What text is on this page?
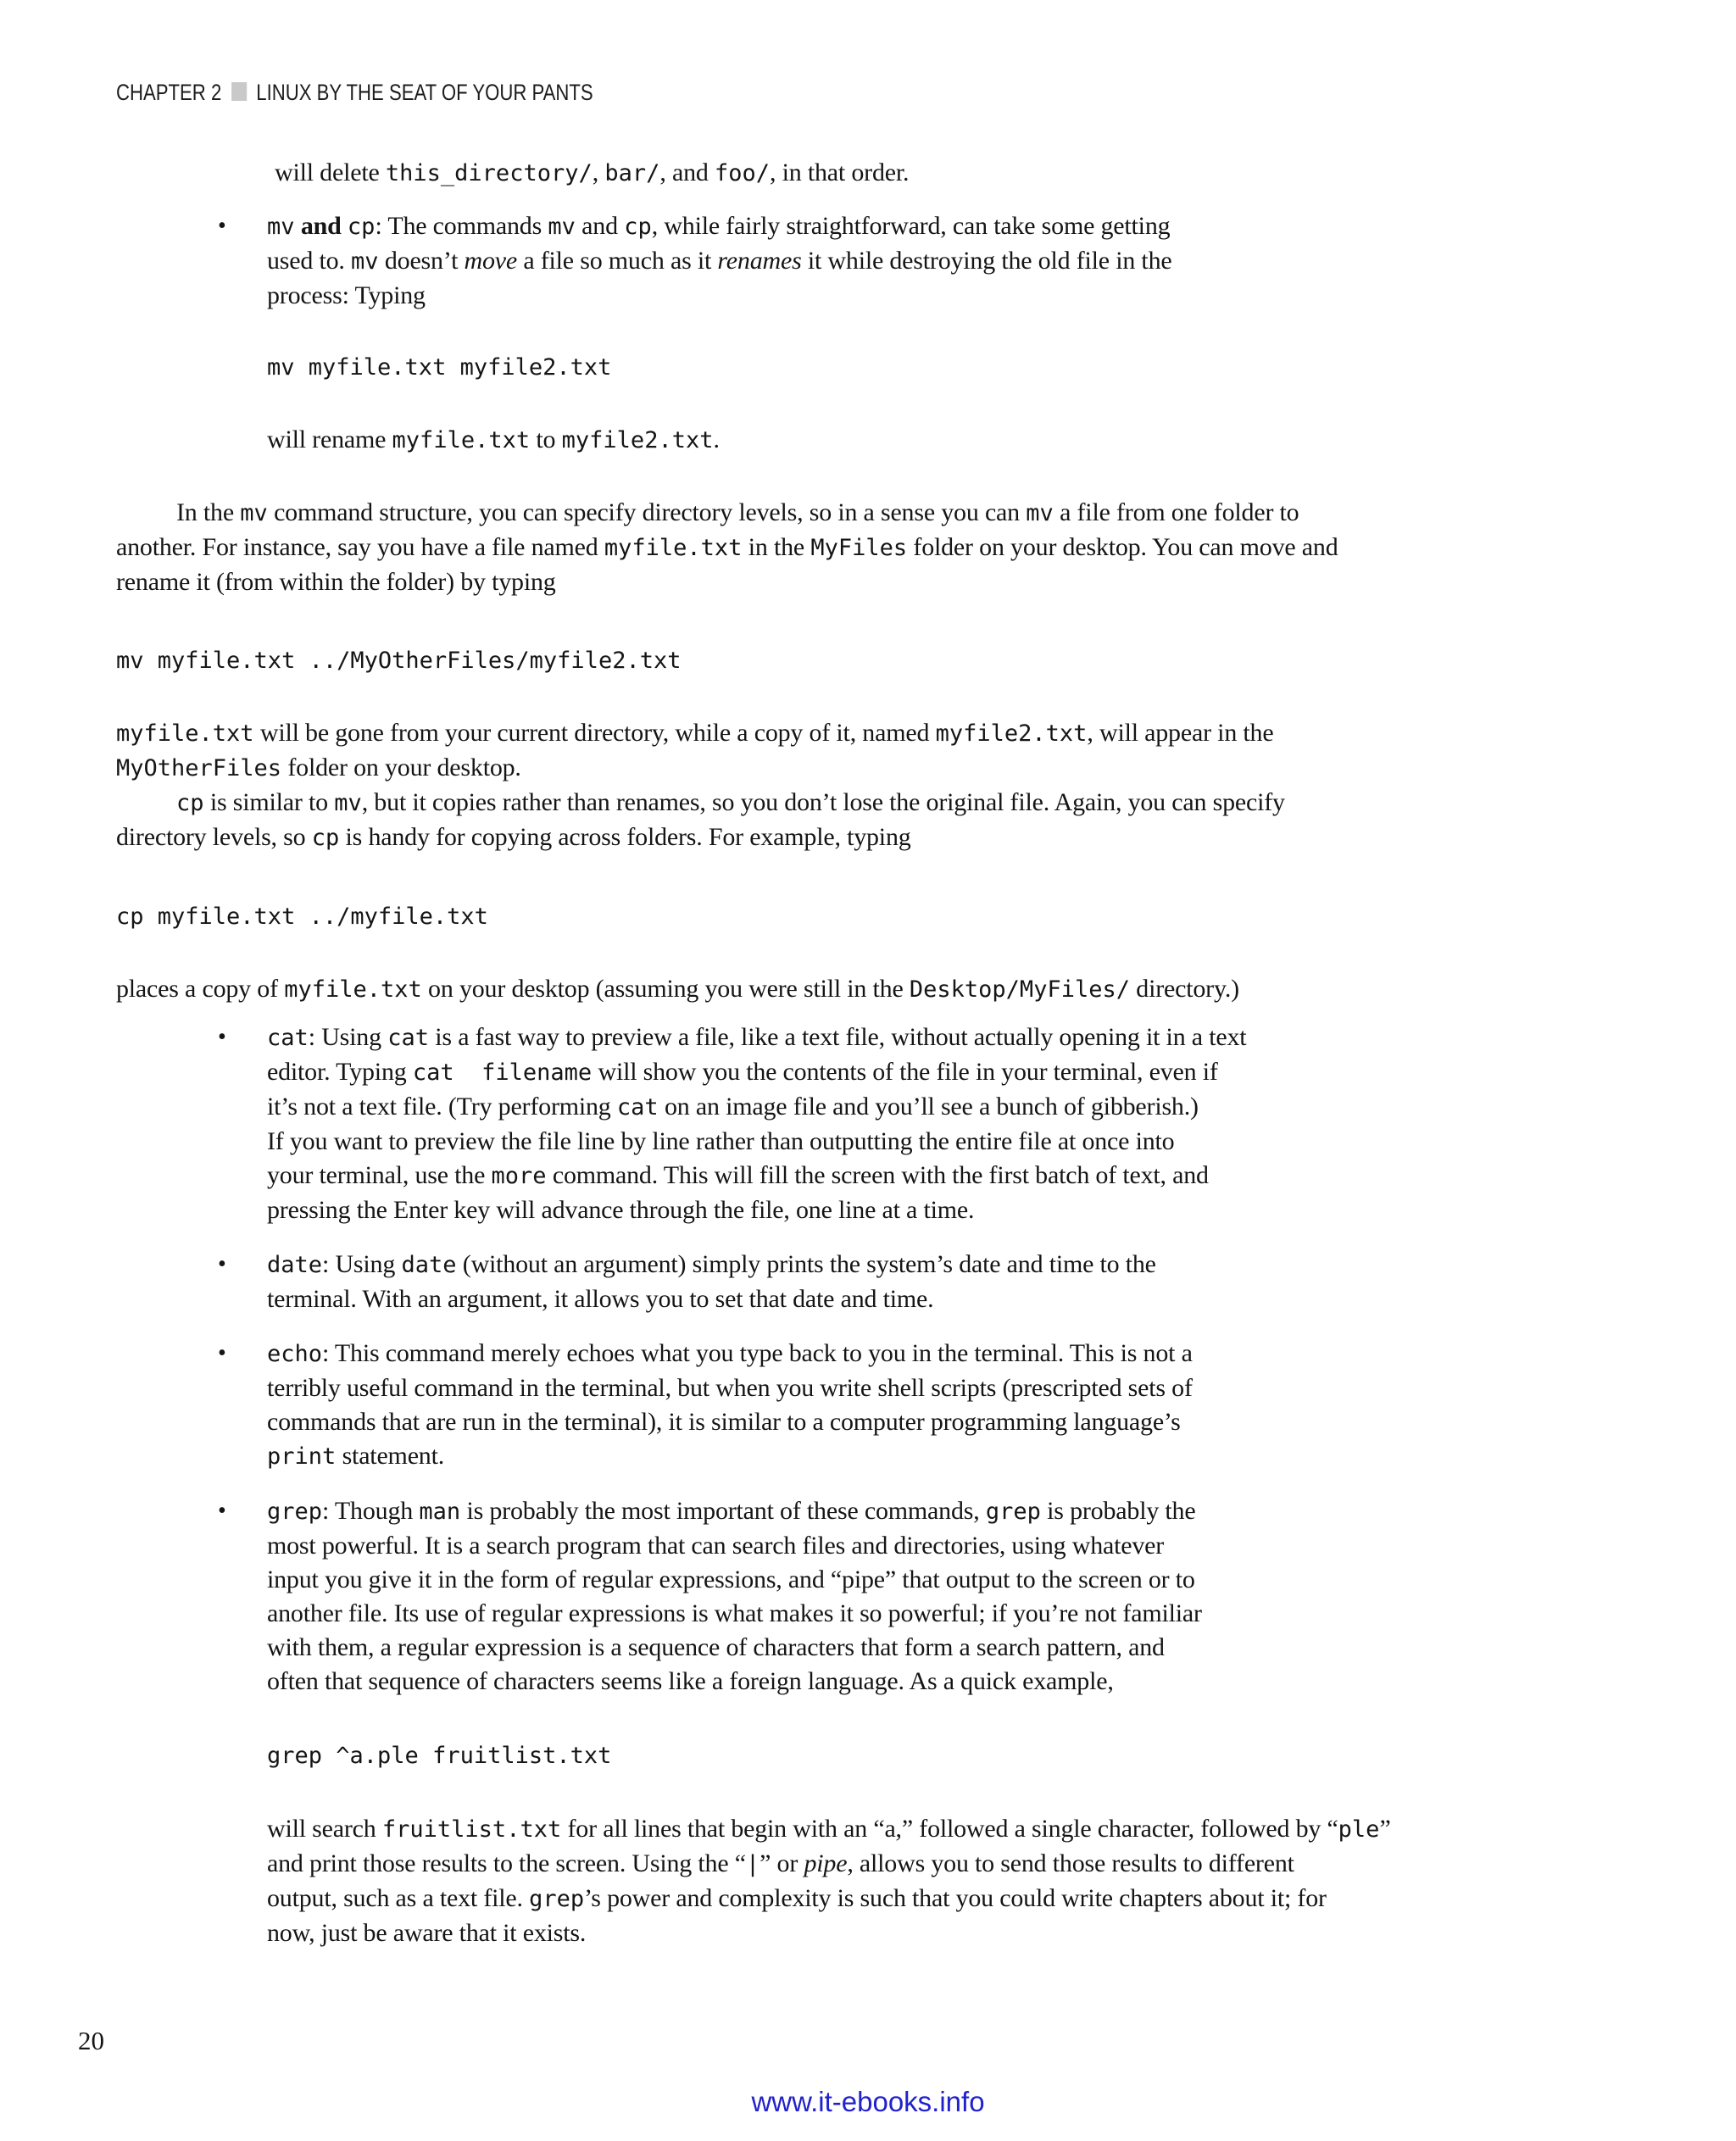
CHAPTER 2 LINUX BY THE SEAT OF YOUR PANTS
will delete this_directory/, bar/, and foo/, in that order.
• mv and cp: The commands mv and cp, while fairly straightforward, can take some getting
used to. mv doesn’t move a file so much as it renames it while destroying the old file in the
process: Typing
mv myfile.txt myfile2.txt
will rename myfile.txt to myfile2.txt.
In the mv command structure, you can specify directory levels, so in a sense you can mv a file from one folder to
another. For instance, say you have a file named myfile.txt in the MyFiles folder on your desktop. You can move and
rename it (from within the folder) by typing
mv myfile.txt ../MyOtherFiles/myfile2.txt
myfile.txt will be gone from your current directory, while a copy of it, named myfile2.txt, will appear in the
MyOtherFiles folder on your desktop.
cp is similar to mv, but it copies rather than renames, so you don’t lose the original file. Again, you can specify
directory levels, so cp is handy for copying across folders. For example, typing
cp myfile.txt ../myfile.txt
places a copy of myfile.txt on your desktop (assuming you were still in the Desktop/MyFiles/ directory.)
• cat: Using cat is a fast way to preview a file, like a text file, without actually opening it in a text
editor. Typing cat  filename will show you the contents of the file in your terminal, even if
it’s not a text file. (Try performing cat on an image file and you’ll see a bunch of gibberish.)
If you want to preview the file line by line rather than outputting the entire file at once into
your terminal, use the more command. This will fill the screen with the first batch of text, and
pressing the Enter key will advance through the file, one line at a time.
• date: Using date (without an argument) simply prints the system’s date and time to the
terminal. With an argument, it allows you to set that date and time.
• echo: This command merely echoes what you type back to you in the terminal. This is not a
terribly useful command in the terminal, but when you write shell scripts (prescripted sets of
commands that are run in the terminal), it is similar to a computer programming language’s
print statement.
• grep: Though man is probably the most important of these commands, grep is probably the
most powerful. It is a search program that can search files and directories, using whatever
input you give it in the form of regular expressions, and “pipe” that output to the screen or to
another file. Its use of regular expressions is what makes it so powerful; if you’re not familiar
with them, a regular expression is a sequence of characters that form a search pattern, and
often that sequence of characters seems like a foreign language. As a quick example,
grep ^a.ple fruitlist.txt
will search fruitlist.txt for all lines that begin with an “a,” followed a single character, followed by “ple”
and print those results to the screen. Using the “|” or pipe, allows you to send those results to different
output, such as a text file. grep’s power and complexity is such that you could write chapters about it; for
now, just be aware that it exists.
20
www.it-ebooks.info
